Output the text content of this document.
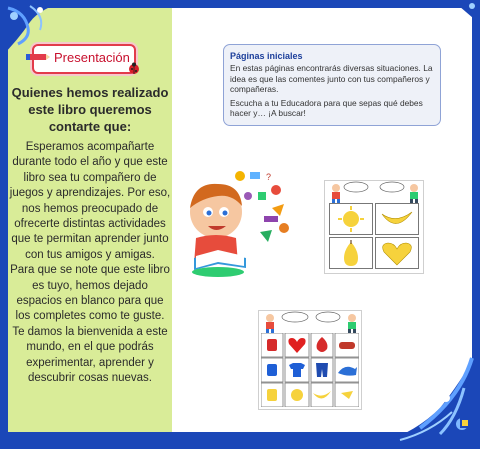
Presentación
Quienes hemos realizado este libro queremos contarte que:

Esperamos acompañarte durante todo el año y que este libro sea tu compañero de juegos y aprendizajes. Por eso, nos hemos preocupado de ofrecerte distintas actividades que te permitan aprender junto con tus amigos y amigas.

Para que se note que este libro es tuyo, hemos dejado espacios en blanco para que los completes como te guste.

Te damos la bienvenida a este mundo, en el que podrás experimentar, aprender y descubrir cosas nuevas.

Páginas iniciales

En estas páginas encontrarás diversas situaciones. La idea es que las comentes junto con tus compañeros y compañeras.

Escucha a tu Educadora para que sepas qué debes hacer y… ¡A buscar!

?
